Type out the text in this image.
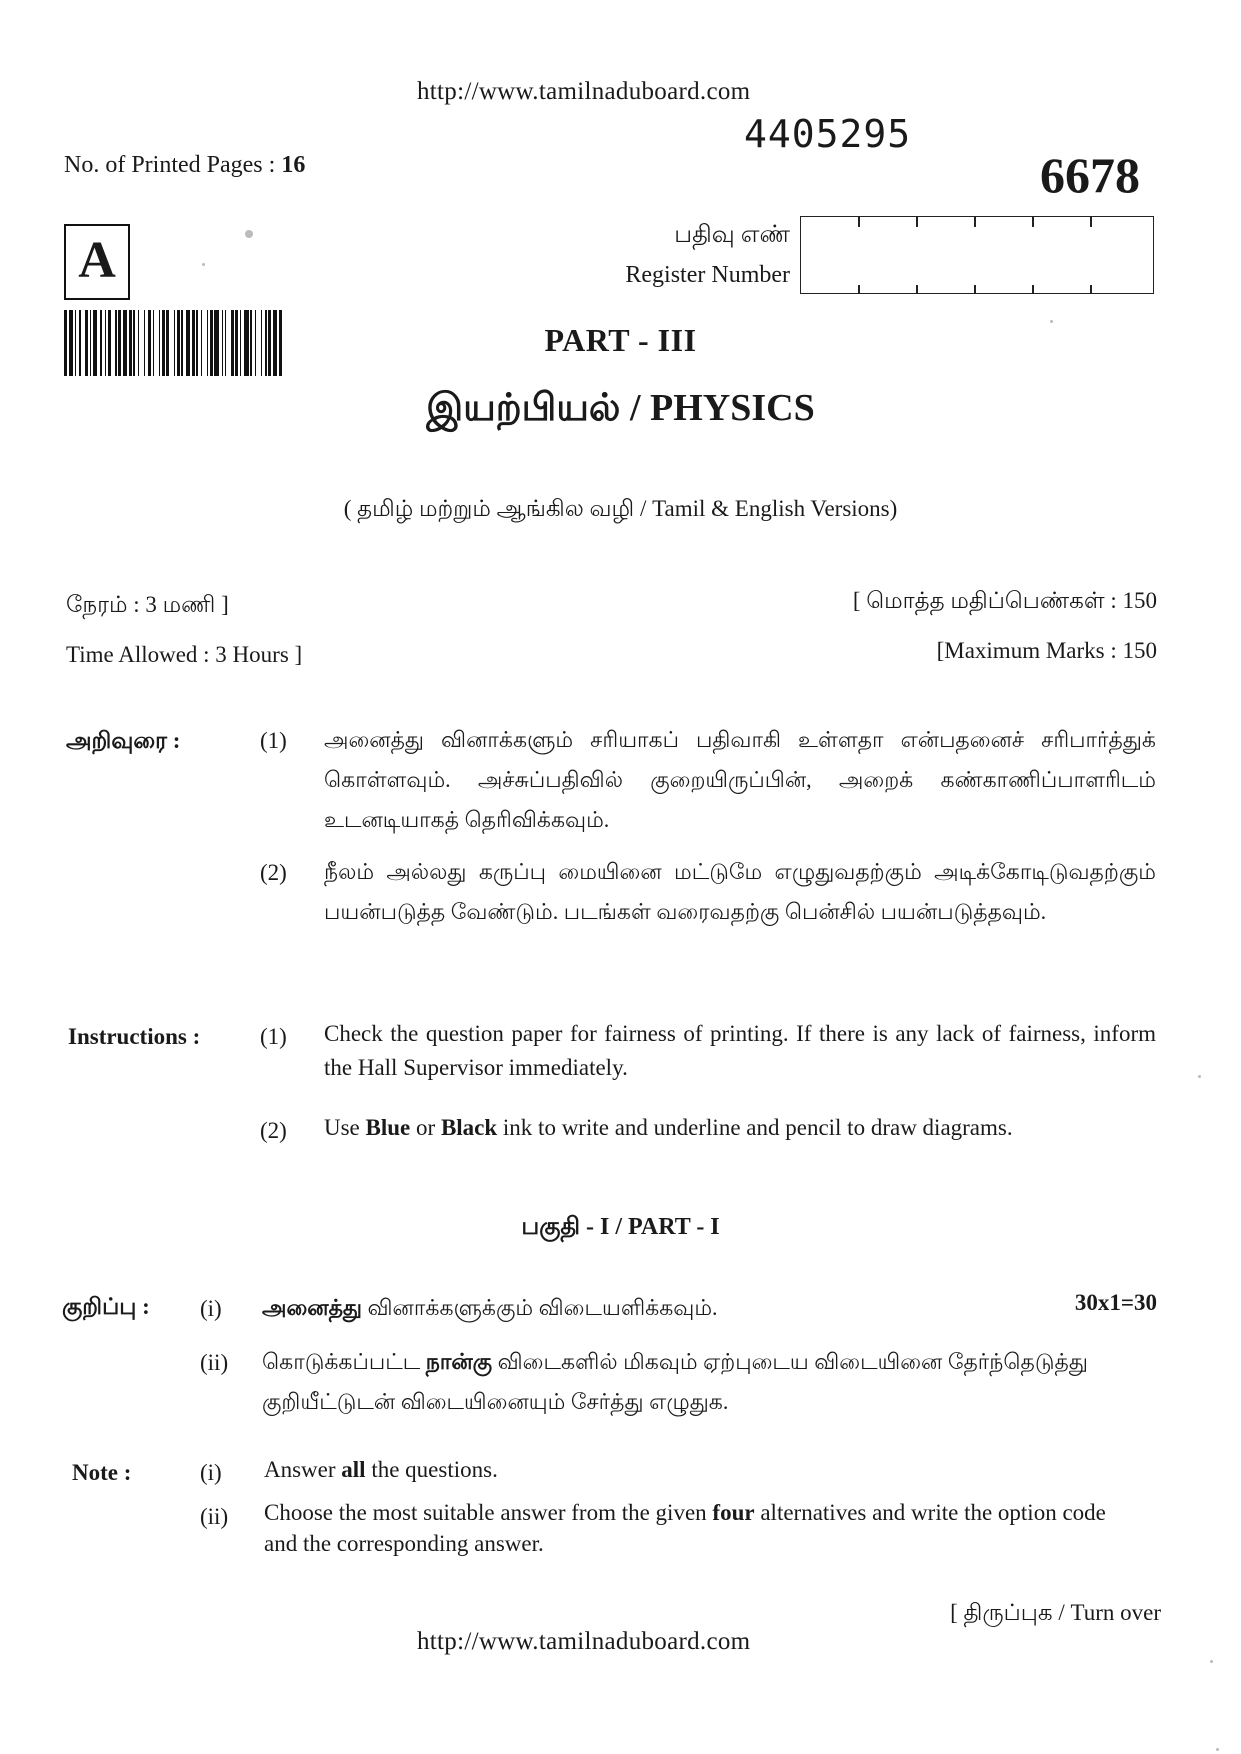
http://www.tamilnaduboard.com
4405295
No. of Printed Pages : 16	6678
A	பதிவு எண்
Register Number
PART - III
இயற்பியல் / PHYSICS
( தமிழ் மற்றும் ஆங்கில வழி / Tamil & English Versions)
நேரம் : 3 மணி ]	[ மொத்த மதிப்பெண்கள் : 150
Time Allowed : 3 Hours ]	[Maximum Marks : 150
அறிவுரை :	(1) அனைத்து வினாக்களும் சரியாகப் பதிவாகி உள்ளதா என்பதனைச் சரிபார்த்துக் கொள்ளவும். அச்சுப்பதிவில் குறையிருப்பின், அறைக் கண்காணிப்பாளரிடம் உடனடியாகத் தெரிவிக்கவும்.
(2) நீலம் அல்லது கருப்பு மையினை மட்டுமே எழுதுவதற்கும் அடிக்கோடிடுவதற்கும் பயன்படுத்த வேண்டும். படங்கள் வரைவதற்கு பென்சில் பயன்படுத்தவும்.
Instructions :	(1) Check the question paper for fairness of printing. If there is any lack of fairness, inform the Hall Supervisor immediately.
(2) Use Blue or Black ink to write and underline and pencil to draw diagrams.
பகுதி - I / PART - I
குறிப்பு : (i) அனைத்து வினாக்களுக்கும் விடையளிக்கவும்.	30x1=30
(ii) கொடுக்கப்பட்ட நான்கு விடைகளில் மிகவும் ஏற்புடைய விடையினை தேர்ந்தெடுத்து குறியீட்டுடன் விடையினையும் சேர்த்து எழுதுக.
Note :	(i) Answer all the questions.
(ii) Choose the most suitable answer from the given four alternatives and write the option code and the corresponding answer.
[ திருப்புக / Turn over
http://www.tamilnaduboard.com
